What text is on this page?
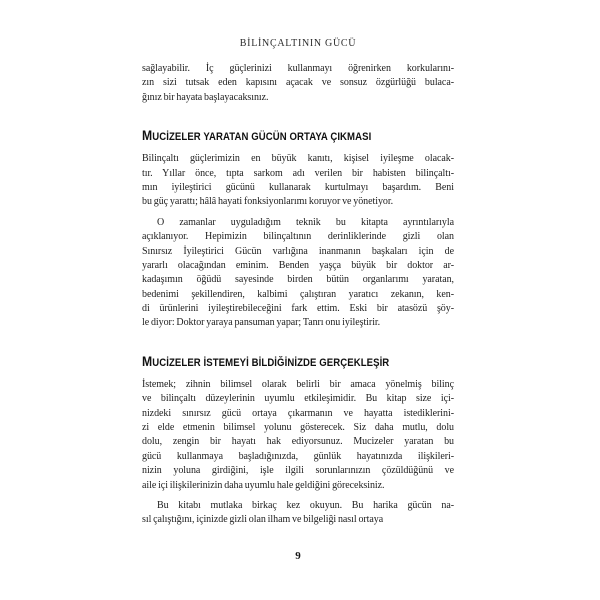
BİLİNÇALTININ GÜCÜ
sağlayabilir. İç güçlerinizi kullanmayı öğrenirken korkularını-
zın sizi tutsak eden kapısını açacak ve sonsuz özgürlüğü bulaca-
ğınız bir hayata başlayacaksınız.
MUCİZELER YARATAN GÜCÜN ORTAYA ÇIKMASI
Bilinçaltı güçlerimizin en büyük kanıtı, kişisel iyileşme olacak-
tır. Yıllar önce, tıpta sarkom adı verilen bir habisten bilinçaltı-
mın iyileştirici gücünü kullanarak kurtulmayı başardım. Beni
bu güç yarattı; hâlâ hayati fonksiyonlarımı koruyor ve yönetiyor.
O zamanlar uyguladığım teknik bu kitapta ayrıntılarıyla
açıklanıyor. Hepimizin bilinçaltının derinliklerinde gizli olan
Sınırsız İyileştirici Gücün varlığına inanmanın başkaları için de
yararlı olacağından eminim. Benden yaşça büyük bir doktor ar-
kadaşımın öğüdü sayesinde birden bütün organlarımı yaratan,
bedenimi şekillendiren, kalbimi çalıştıran yaratıcı zekanın, ken-
di ürünlerini iyileştirebileceğini fark ettim. Eski bir atasözü şöy-
le diyor: Doktor yaraya pansuman yapar; Tanrı onu iyileştirir.
MUCİZELER İSTEMEYİ BİLDİĞİNİZDE GERÇEKLEŞİR
İstemek; zihnin bilimsel olarak belirli bir amaca yönelmiş bilinç
ve bilinçaltı düzeylerinin uyumlu etkileşimidir. Bu kitap size içi-
nizdeki sınırsız gücü ortaya çıkarmanın ve hayatta istediklerini-
zi elde etmenin bilimsel yolunu gösterecek. Siz daha mutlu, dolu
dolu, zengin bir hayatı hak ediyorsunuz. Mucizeler yaratan bu
gücü kullanmaya başladığınızda, günlük hayatınızda ilişkileri-
nizin yoluna girdiğini, işle ilgili sorunlarınızın çözüldüğünü ve
aile içi ilişkilerinizin daha uyumlu hale geldiğini göreceksiniz.
Bu kitabı mutlaka birkaç kez okuyun. Bu harika gücün na-
sıl çalıştığını, içinizde gizli olan ilham ve bilgeliği nasıl ortaya
9
